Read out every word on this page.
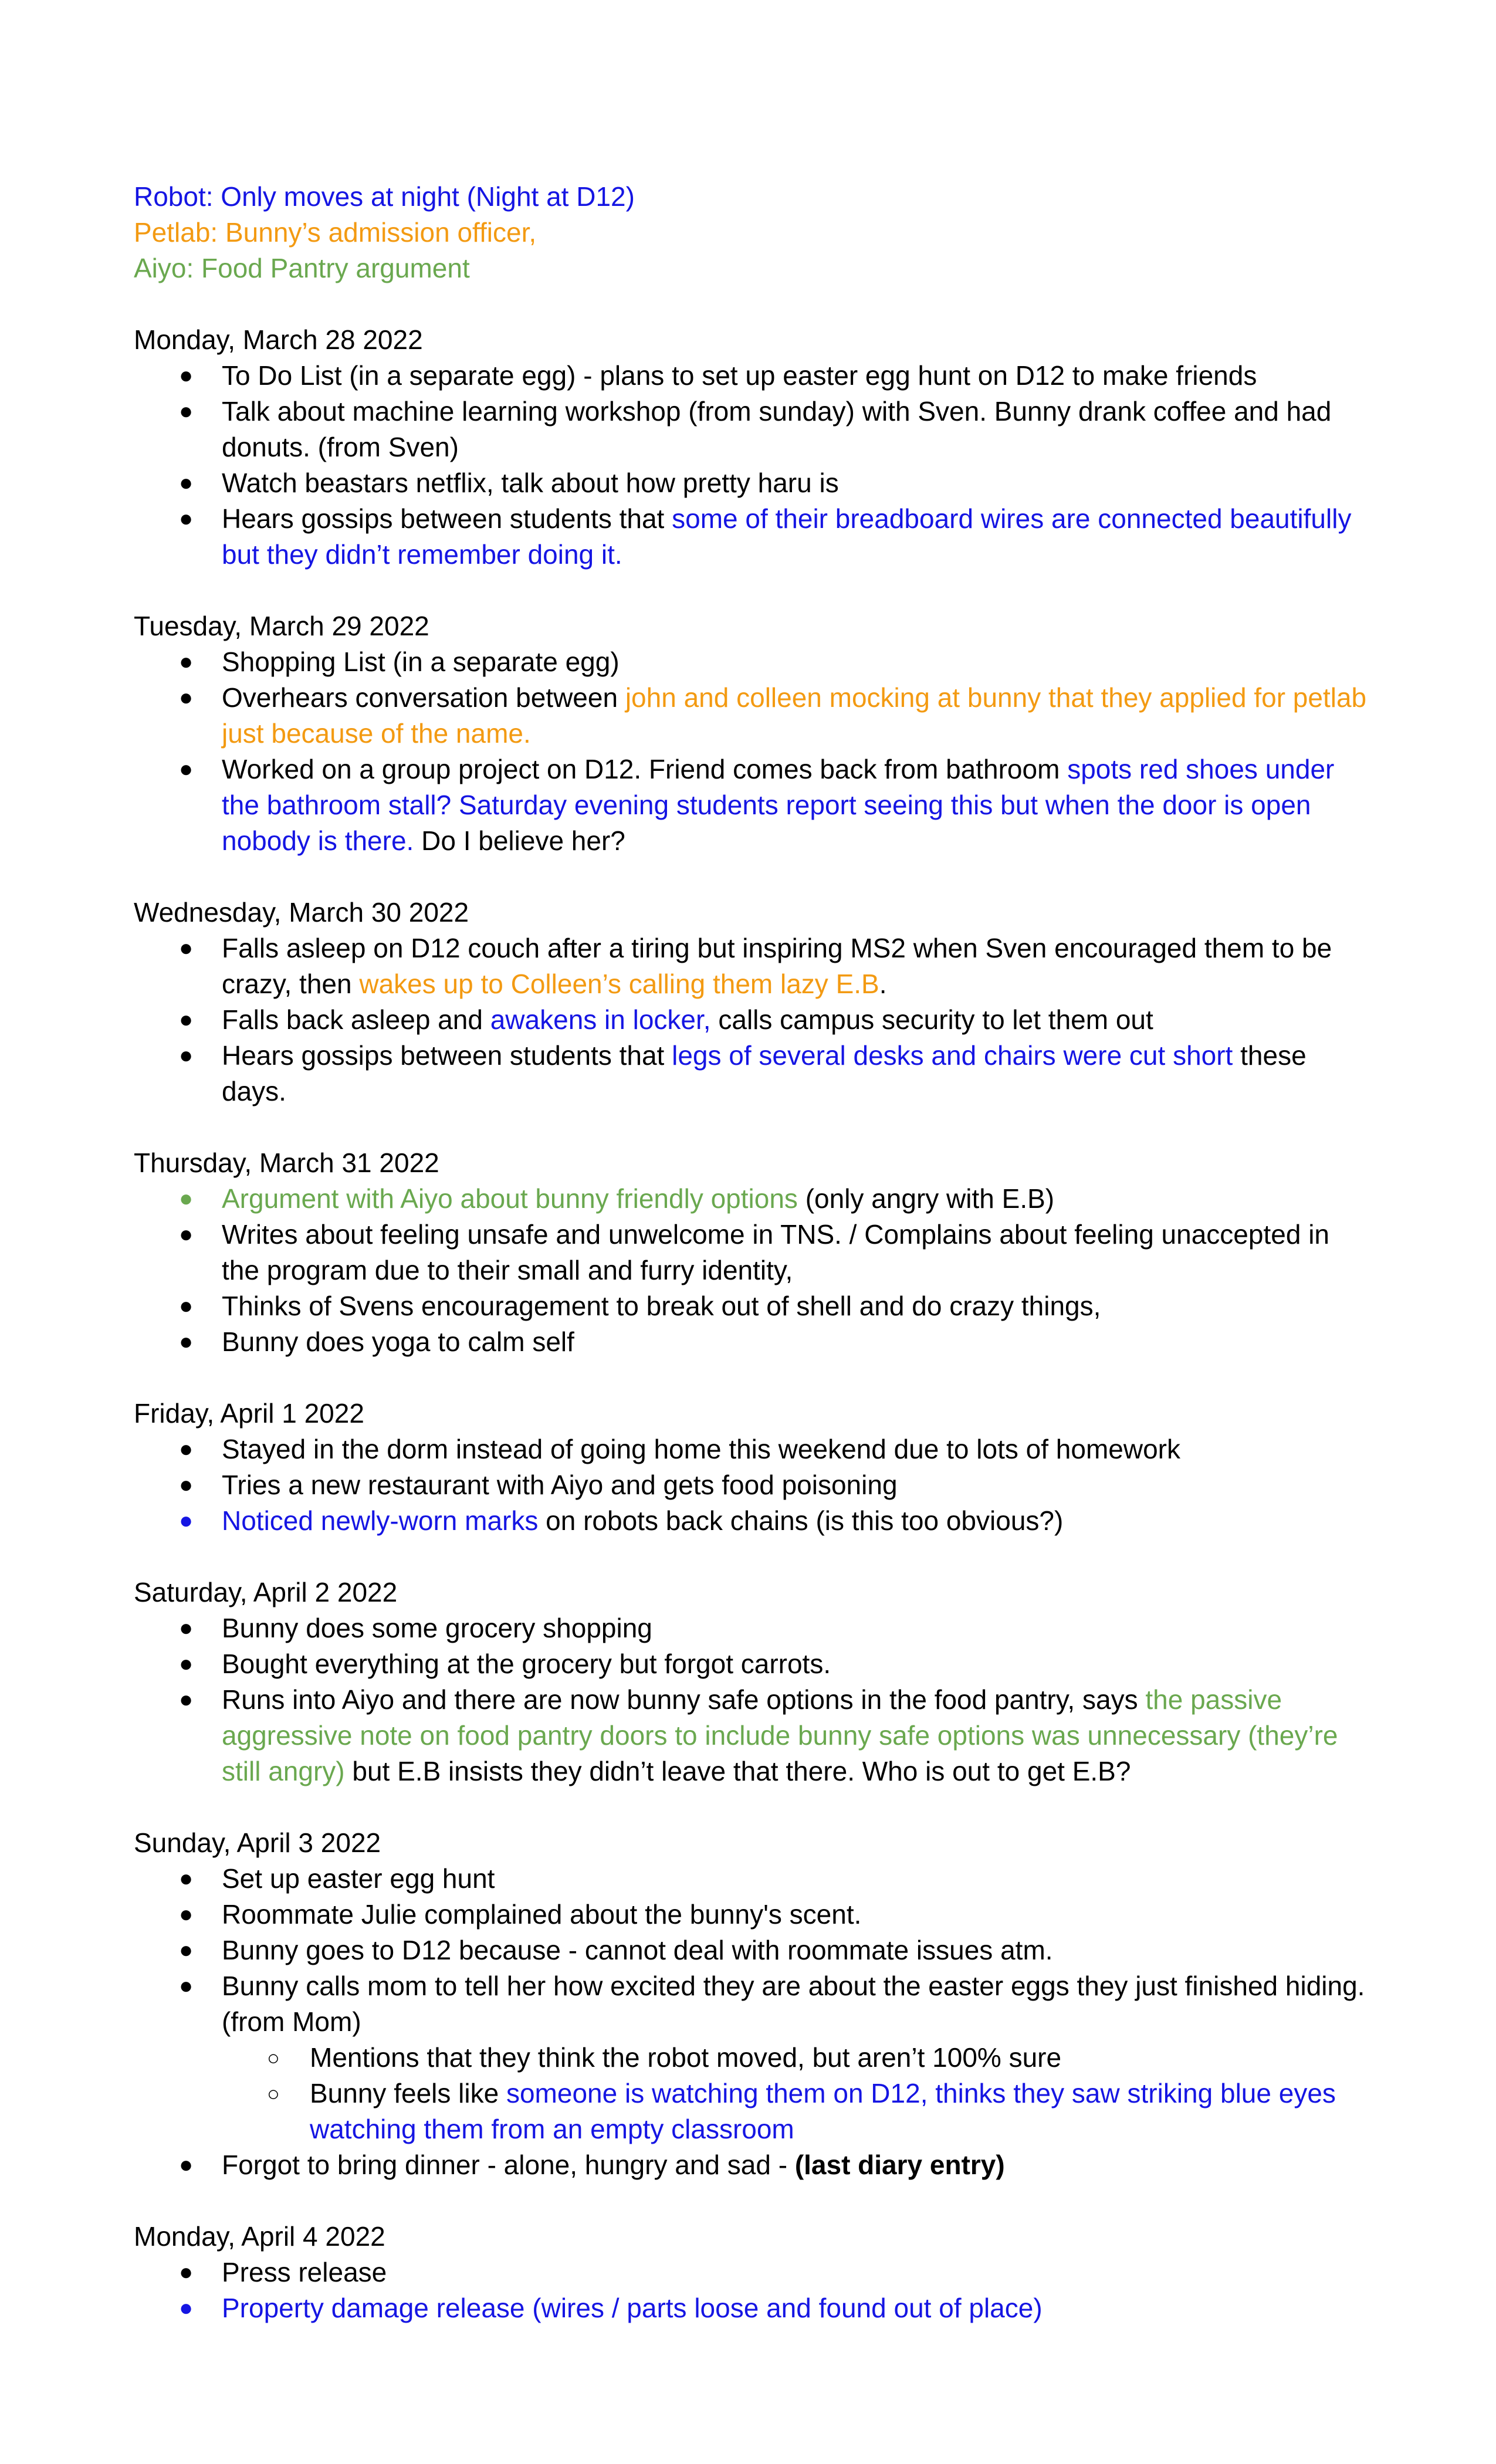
Robot: Only moves at night (Night at D12)

Petlab: Bunny’s admission officer,

Aiyo: Food Pantry argument

Monday, March 28 2022

● To Do List (in a separate egg) - plans to set up easter egg hunt on D12 to make friends
● Talk about machine learning workshop (from sunday) with Sven. Bunny drank coffee and had donuts. (from Sven)
● Watch beastars netflix, talk about how pretty haru is
● Hears gossips between students that some of their breadboard wires are connected beautifully but they didn’t remember doing it.

Tuesday, March 29 2022

● Shopping List (in a separate egg)
● Overhears conversation between john and colleen mocking at bunny that they applied for petlab just because of the name.
● Worked on a group project on D12. Friend comes back from bathroom spots red shoes under the bathroom stall? Saturday evening students report seeing this but when the door is open nobody is there. Do I believe her?

Wednesday, March 30 2022

● Falls asleep on D12 couch after a tiring but inspiring MS2 when Sven encouraged them to be crazy, then wakes up to Colleen’s calling them lazy E.B.
● Falls back asleep and awakens in locker, calls campus security to let them out
● Hears gossips between students that legs of several desks and chairs were cut short these days.

Thursday, March 31 2022

● Argument with Aiyo about bunny friendly options (only angry with E.B)
● Writes about feeling unsafe and unwelcome in TNS. / Complains about feeling unaccepted in the program due to their small and furry identity,
● Thinks of Svens encouragement to break out of shell and do crazy things,
● Bunny does yoga to calm self

Friday, April 1 2022

● Stayed in the dorm instead of going home this weekend due to lots of homework
● Tries a new restaurant with Aiyo and gets food poisoning
● Noticed newly-worn marks on robots back chains (is this too obvious?)

Saturday, April 2 2022

● Bunny does some grocery shopping
● Bought everything at the grocery but forgot carrots.
● Runs into Aiyo and there are now bunny safe options in the food pantry, says the passive aggressive note on food pantry doors to include bunny safe options was unnecessary (they’re still angry) but E.B insists they didn’t leave that there. Who is out to get E.B?

Sunday, April 3 2022

● Set up easter egg hunt
● Roommate Julie complained about the bunny's scent.
● Bunny goes to D12 because - cannot deal with roommate issues atm.
● Bunny calls mom to tell her how excited they are about the easter eggs they just finished hiding. (from Mom)
○ Mentions that they think the robot moved, but aren’t 100% sure
○ Bunny feels like someone is watching them on D12, thinks they saw striking blue eyes watching them from an empty classroom
● Forgot to bring dinner - alone, hungry and sad - (last diary entry)

Monday, April 4 2022

● Press release
● Property damage release (wires / parts loose and found out of place)
